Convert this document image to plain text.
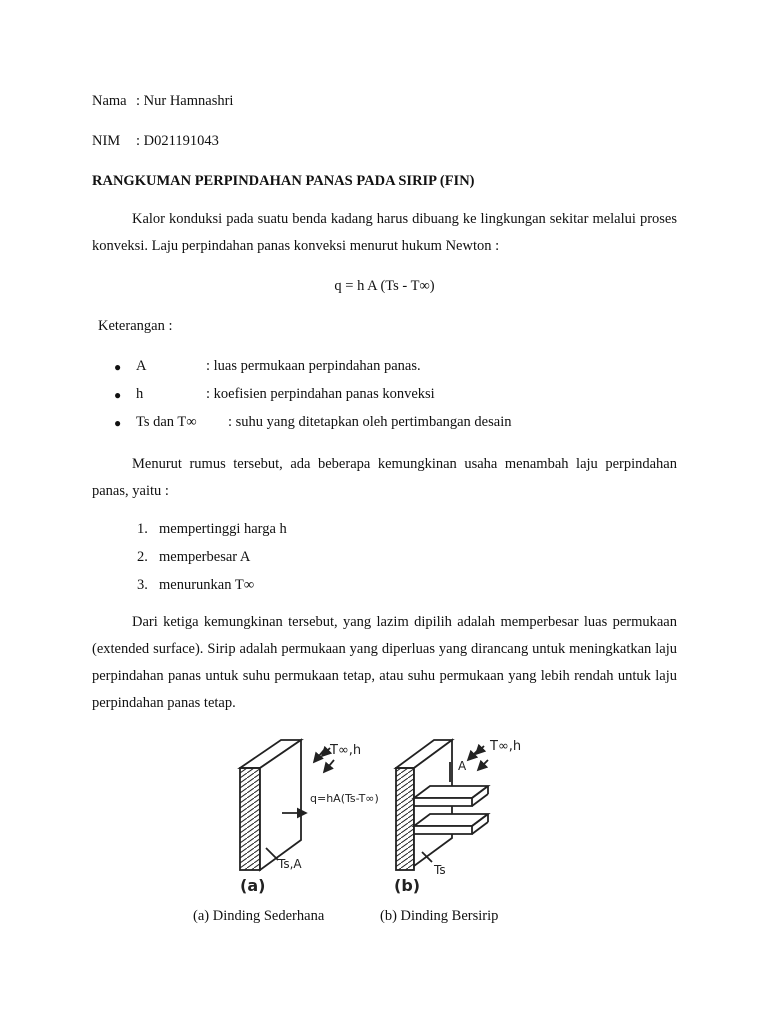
Nama : Nur Hamnashri
NIM : D021191043
RANGKUMAN PERPINDAHAN PANAS PADA SIRIP (FIN)
Kalor konduksi pada suatu benda kadang harus dibuang ke lingkungan sekitar melalui proses konveksi. Laju perpindahan panas konveksi menurut hukum Newton :
q = h A (Ts - T∞)
Keterangan :
● A	: luas permukaan perpindahan panas.
● h	: koefisien perpindahan panas konveksi
● Ts dan T∞ : suhu yang ditetapkan oleh pertimbangan desain
Menurut rumus tersebut, ada beberapa kemungkinan usaha menambah laju perpindahan panas, yaitu :
1. mempertinggi harga h
2. memperbesar A
3. menurunkan T∞
Dari ketiga kemungkinan tersebut, yang lazim dipilih adalah memperbesar luas permukaan (extended surface). Sirip adalah permukaan yang diperluas yang dirancang untuk meningkatkan laju perpindahan panas untuk suhu permukaan tetap, atau suhu permukaan yang lebih rendah untuk laju perpindahan panas tetap.
T∞,h
q=hA(Ts-T∞)
Ts,A
(a)
T∞,h
A
Ts
(b)
(a) Dinding Sederhana	(b) Dinding Bersirip
